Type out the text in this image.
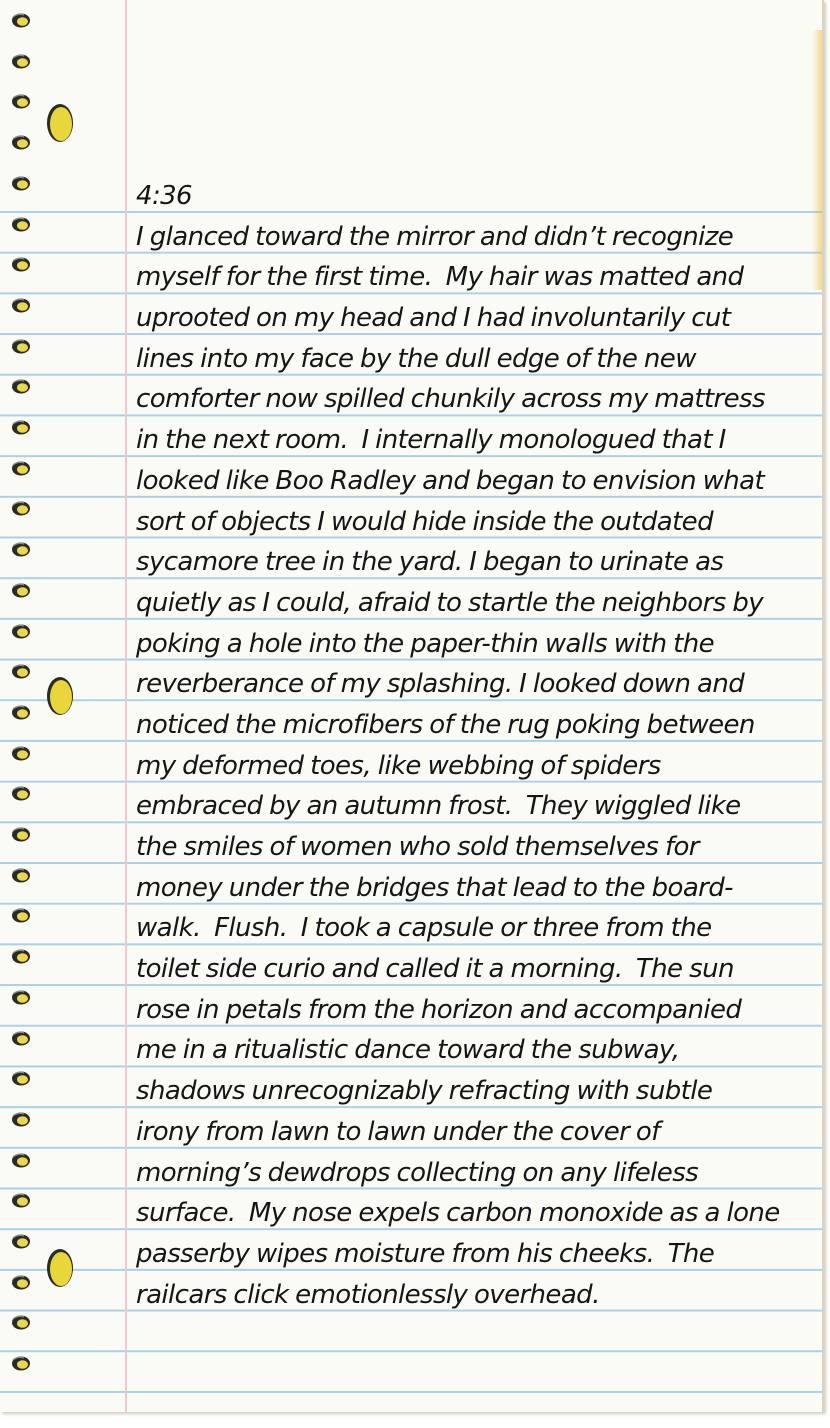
4:36
I glanced toward the mirror and didn’t recognize
myself for the first time.  My hair was matted and
uprooted on my head and I had involuntarily cut
lines into my face by the dull edge of the new
comforter now spilled chunkily across my mattress
in the next room.  I internally monologued that I
looked like Boo Radley and began to envision what
sort of objects I would hide inside the outdated
sycamore tree in the yard. I began to urinate as
quietly as I could, afraid to startle the neighbors by
poking a hole into the paper-thin walls with the
reverberance of my splashing. I looked down and
noticed the microfibers of the rug poking between
my deformed toes, like webbing of spiders
embraced by an autumn frost.  They wiggled like
the smiles of women who sold themselves for
money under the bridges that lead to the board-
walk.  Flush.  I took a capsule or three from the
toilet side curio and called it a morning.  The sun
rose in petals from the horizon and accompanied
me in a ritualistic dance toward the subway,
shadows unrecognizably refracting with subtle
irony from lawn to lawn under the cover of
morning’s dewdrops collecting on any lifeless
surface.  My nose expels carbon monoxide as a lone
passerby wipes moisture from his cheeks.  The
railcars click emotionlessly overhead.
